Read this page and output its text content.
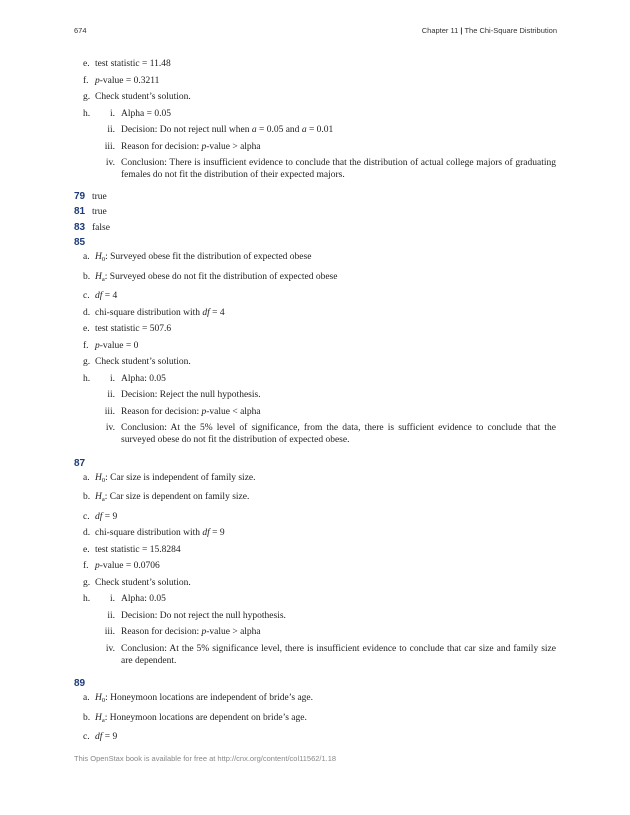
674	Chapter 11 | The Chi-Square Distribution
e. test statistic = 11.48
f. p-value = 0.3211
g. Check student’s solution.
h.	i. Alpha = 0.05
ii. Decision: Do not reject null when a = 0.05 and a = 0.01
iii. Reason for decision: p-value > alpha
iv. Conclusion: There is insufficient evidence to conclude that the distribution of actual college majors of graduating females do not fit the distribution of their expected majors.
79 true
81 true
83 false
85
a. $H_0$: Surveyed obese fit the distribution of expected obese
b. $H_a$: Surveyed obese do not fit the distribution of expected obese
c. df = 4
d. chi-square distribution with df = 4
e. test statistic = 507.6
f. p-value = 0
g. Check student’s solution.
h.	i. Alpha: 0.05
ii. Decision: Reject the null hypothesis.
iii. Reason for decision: p-value < alpha
iv. Conclusion: At the 5% level of significance, from the data, there is sufficient evidence to conclude that the surveyed obese do not fit the distribution of expected obese.
87
a. $H_0$: Car size is independent of family size.
b. $H_a$: Car size is dependent on family size.
c. df = 9
d. chi-square distribution with df = 9
e. test statistic = 15.8284
f. p-value = 0.0706
g. Check student’s solution.
h.	i. Alpha: 0.05
ii. Decision: Do not reject the null hypothesis.
iii. Reason for decision: p-value > alpha
iv. Conclusion: At the 5% significance level, there is insufficient evidence to conclude that car size and family size are dependent.
89
a. $H_0$: Honeymoon locations are independent of bride’s age.
b. $H_a$: Honeymoon locations are dependent on bride’s age.
c. df = 9
This OpenStax book is available for free at http://cnx.org/content/col11562/1.18
